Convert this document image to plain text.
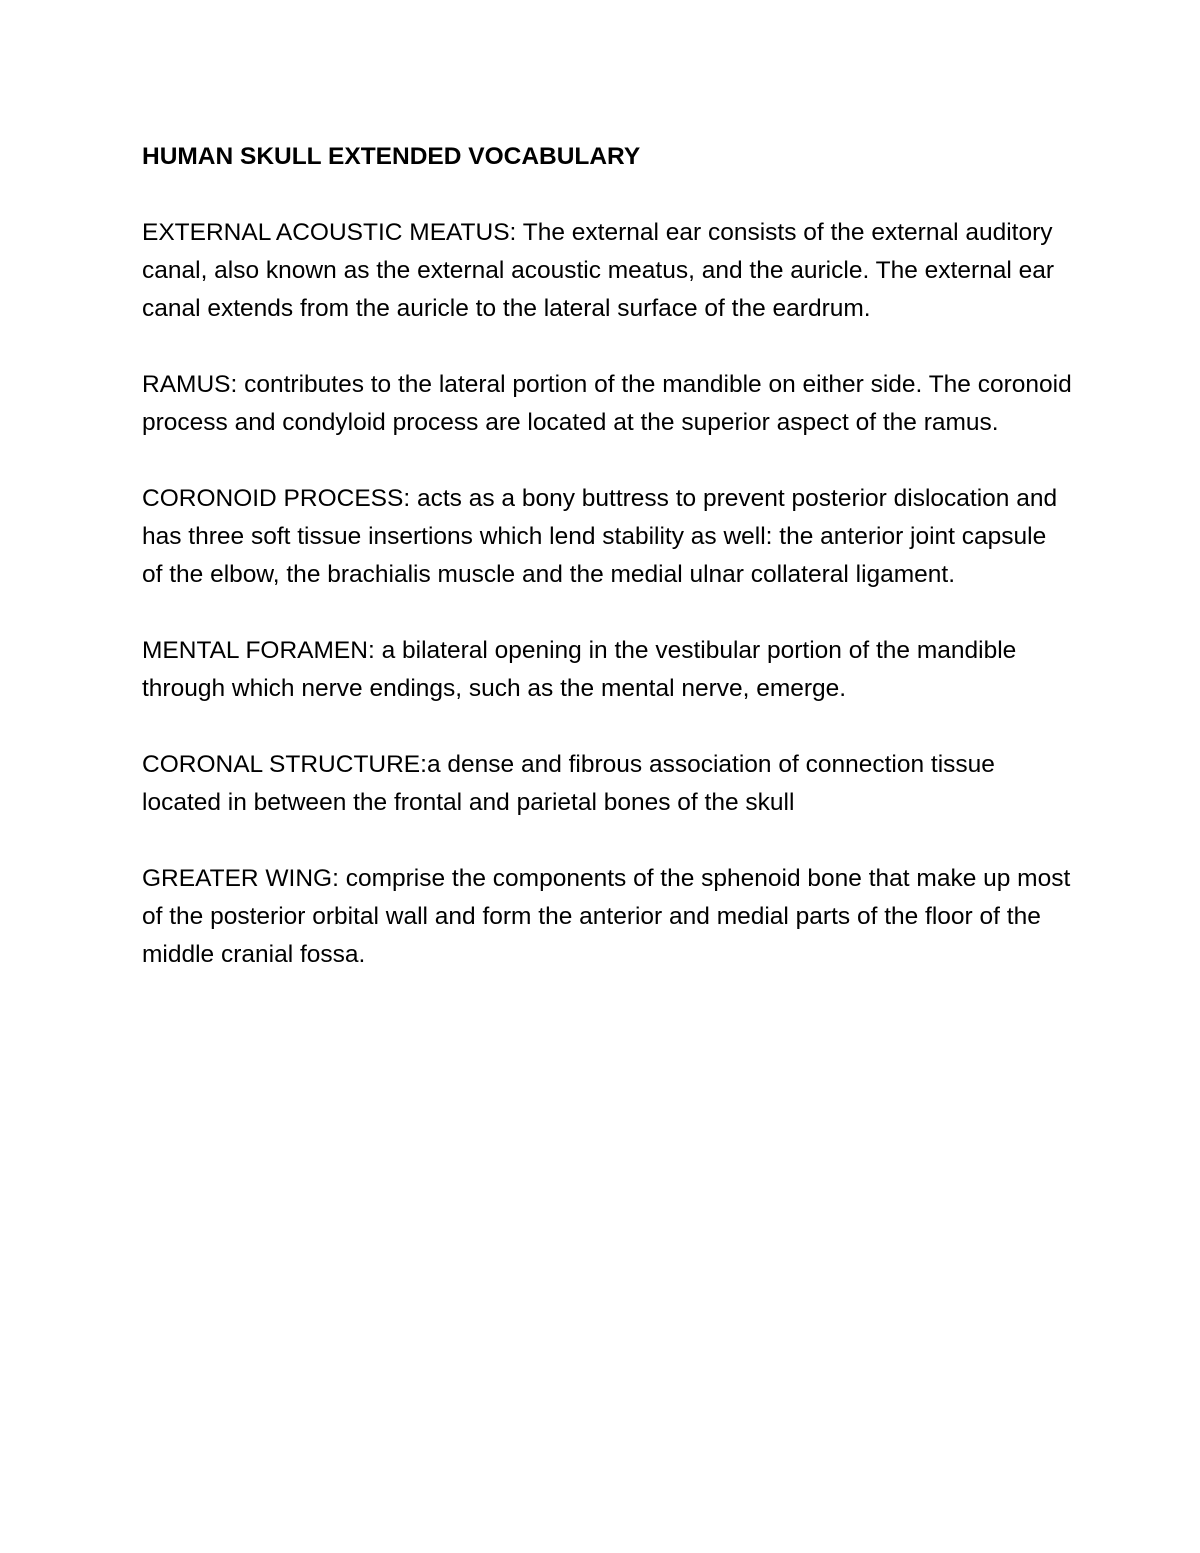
HUMAN SKULL EXTENDED VOCABULARY

EXTERNAL ACOUSTIC MEATUS: The external ear consists of the external auditory canal, also known as the external acoustic meatus, and the auricle. The external ear canal extends from the auricle to the lateral surface of the eardrum.

RAMUS: contributes to the lateral portion of the mandible on either side. The coronoid process and condyloid process are located at the superior aspect of the ramus.

CORONOID PROCESS: acts as a bony buttress to prevent posterior dislocation and has three soft tissue insertions which lend stability as well: the anterior joint capsule of the elbow, the brachialis muscle and the medial ulnar collateral ligament.

MENTAL FORAMEN: a bilateral opening in the vestibular portion of the mandible through which nerve endings, such as the mental nerve, emerge.

CORONAL STRUCTURE:a dense and fibrous association of connection tissue located in between the frontal and parietal bones of the skull

GREATER WING: comprise the components of the sphenoid bone that make up most of the posterior orbital wall and form the anterior and medial parts of the floor of the middle cranial fossa.
